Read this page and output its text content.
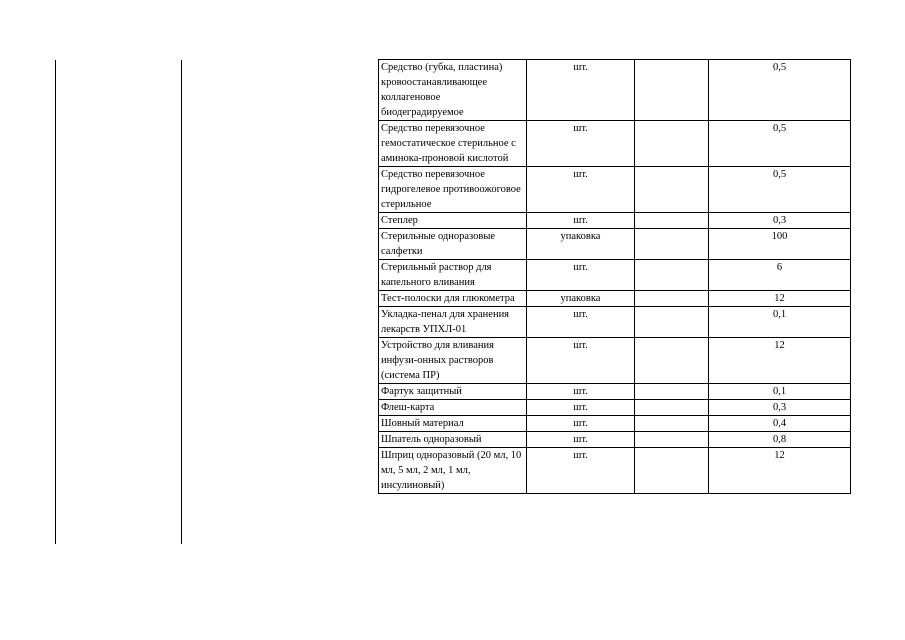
Средство (губка, пластина) кровоостанавливающее коллагеновое биодеградируемое	шт.		0,5
Средство перевязочное гемостатическое стерильное с аминока-проновой кислотой	шт.		0,5
Средство перевязочное гидрогелевое противоожоговое стерильное	шт.		0,5
Степлер	шт.		0,3
Стерильные одноразовые салфетки	упаковка		100
Стерильный раствор для капельного вливания	шт.		6
Тест-полоски для глюкометра	упаковка		12
Укладка-пенал для хранения лекарств УПХЛ-01	шт.		0,1
Устройство для вливания инфузи-онных растворов (система ПР)	шт.		12
Фартук защитный	шт.		0,1
Флеш-карта	шт.		0,3
Шовный материал	шт.		0,4
Шпатель одноразовый	шт.		0,8
Шприц одноразовый (20 мл, 10 мл, 5 мл, 2 мл, 1 мл, инсулиновый)	шт.		12
